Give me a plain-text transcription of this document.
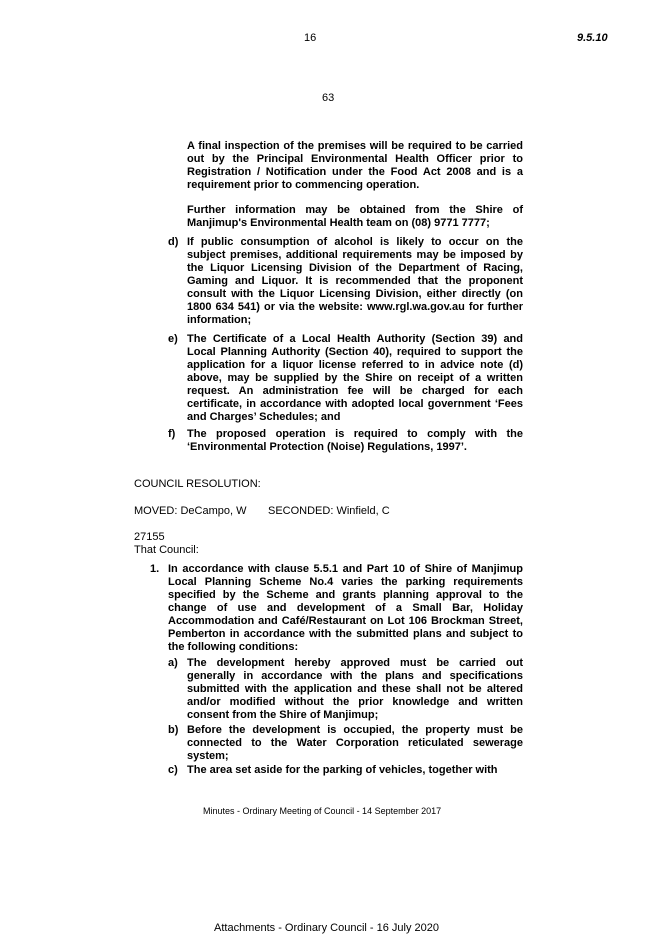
16	9.5.10
63
A final inspection of the premises will be required to be carried out by the Principal Environmental Health Officer prior to Registration / Notification under the Food Act 2008 and is a requirement prior to commencing operation.
Further information may be obtained from the Shire of Manjimup's Environmental Health team on (08) 9771 7777;
d) If public consumption of alcohol is likely to occur on the subject premises, additional requirements may be imposed by the Liquor Licensing Division of the Department of Racing, Gaming and Liquor. It is recommended that the proponent consult with the Liquor Licensing Division, either directly (on 1800 634 541) or via the website: www.rgl.wa.gov.au for further information;
e) The Certificate of a Local Health Authority (Section 39) and Local Planning Authority (Section 40), required to support the application for a liquor license referred to in advice note (d) above, may be supplied by the Shire on receipt of a written request. An administration fee will be charged for each certificate, in accordance with adopted local government ‘Fees and Charges’ Schedules; and
f) The proposed operation is required to comply with the ‘Environmental Protection (Noise) Regulations, 1997’.
COUNCIL RESOLUTION:
MOVED: DeCampo, W SECONDED: Winfield, C
27155
That Council:
1. In accordance with clause 5.5.1 and Part 10 of Shire of Manjimup Local Planning Scheme No.4 varies the parking requirements specified by the Scheme and grants planning approval to the change of use and development of a Small Bar, Holiday Accommodation and Café/Restaurant on Lot 106 Brockman Street, Pemberton in accordance with the submitted plans and subject to the following conditions:
a) The development hereby approved must be carried out generally in accordance with the plans and specifications submitted with the application and these shall not be altered and/or modified without the prior knowledge and written consent from the Shire of Manjimup;
b) Before the development is occupied, the property must be connected to the Water Corporation reticulated sewerage system;
c) The area set aside for the parking of vehicles, together with
Minutes - Ordinary Meeting of Council - 14 September 2017
Attachments - Ordinary Council - 16 July 2020
